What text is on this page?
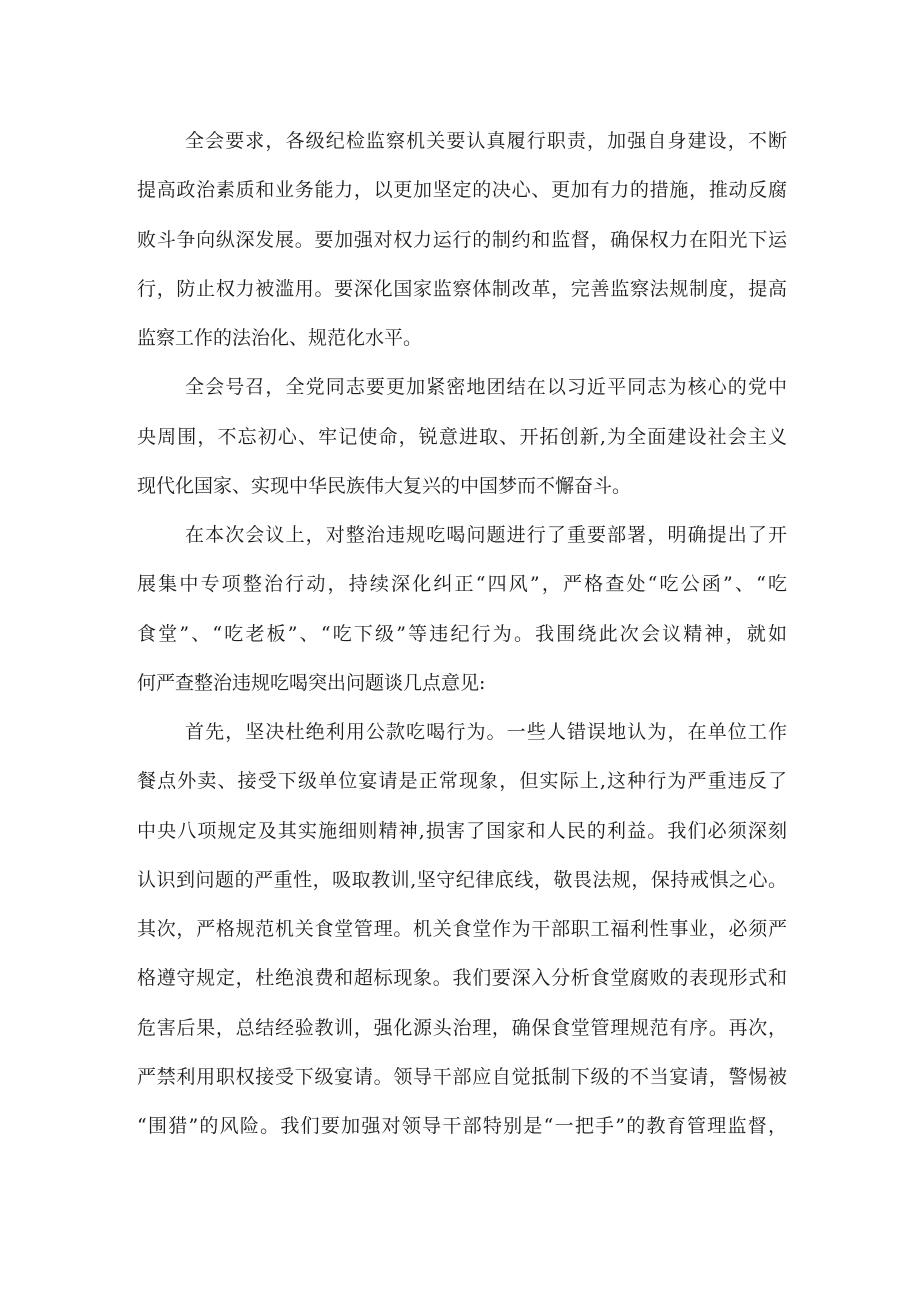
全会要求，各级纪检监察机关要认真履行职责，加强自身建设，不断
提高政治素质和业务能力，以更加坚定的决心、更加有力的措施，推动反腐
败斗争向纵深发展。要加强对权力运行的制约和监督，确保权力在阳光下运
行，防止权力被滥用。要深化国家监察体制改革，完善监察法规制度，提高
监察工作的法治化、规范化水平。
全会号召，全党同志要更加紧密地团结在以习近平同志为核心的党中
央周围，不忘初心、牢记使命，锐意进取、开拓创新,为全面建设社会主义
现代化国家、实现中华民族伟大复兴的中国梦而不懈奋斗。
在本次会议上，对整治违规吃喝问题进行了重要部署，明确提出了开
展集中专项整治行动，持续深化纠正“四风”，严格查处“吃公函”、“吃
食堂”、“吃老板”、“吃下级”等违纪行为。我围绕此次会议精神，就如
何严查整治违规吃喝突出问题谈几点意见:
首先，坚决杜绝利用公款吃喝行为。一些人错误地认为，在单位工作
餐点外卖、接受下级单位宴请是正常现象，但实际上,这种行为严重违反了
中央八项规定及其实施细则精神,损害了国家和人民的利益。我们必须深刻
认识到问题的严重性，吸取教训,坚守纪律底线，敬畏法规，保持戒惧之心。
其次，严格规范机关食堂管理。机关食堂作为干部职工福利性事业，必须严
格遵守规定，杜绝浪费和超标现象。我们要深入分析食堂腐败的表现形式和
危害后果，总结经验教训，强化源头治理，确保食堂管理规范有序。再次，
严禁利用职权接受下级宴请。领导干部应自觉抵制下级的不当宴请，警惕被
“围猎”的风险。我们要加强对领导干部特别是“一把手”的教育管理监督，
